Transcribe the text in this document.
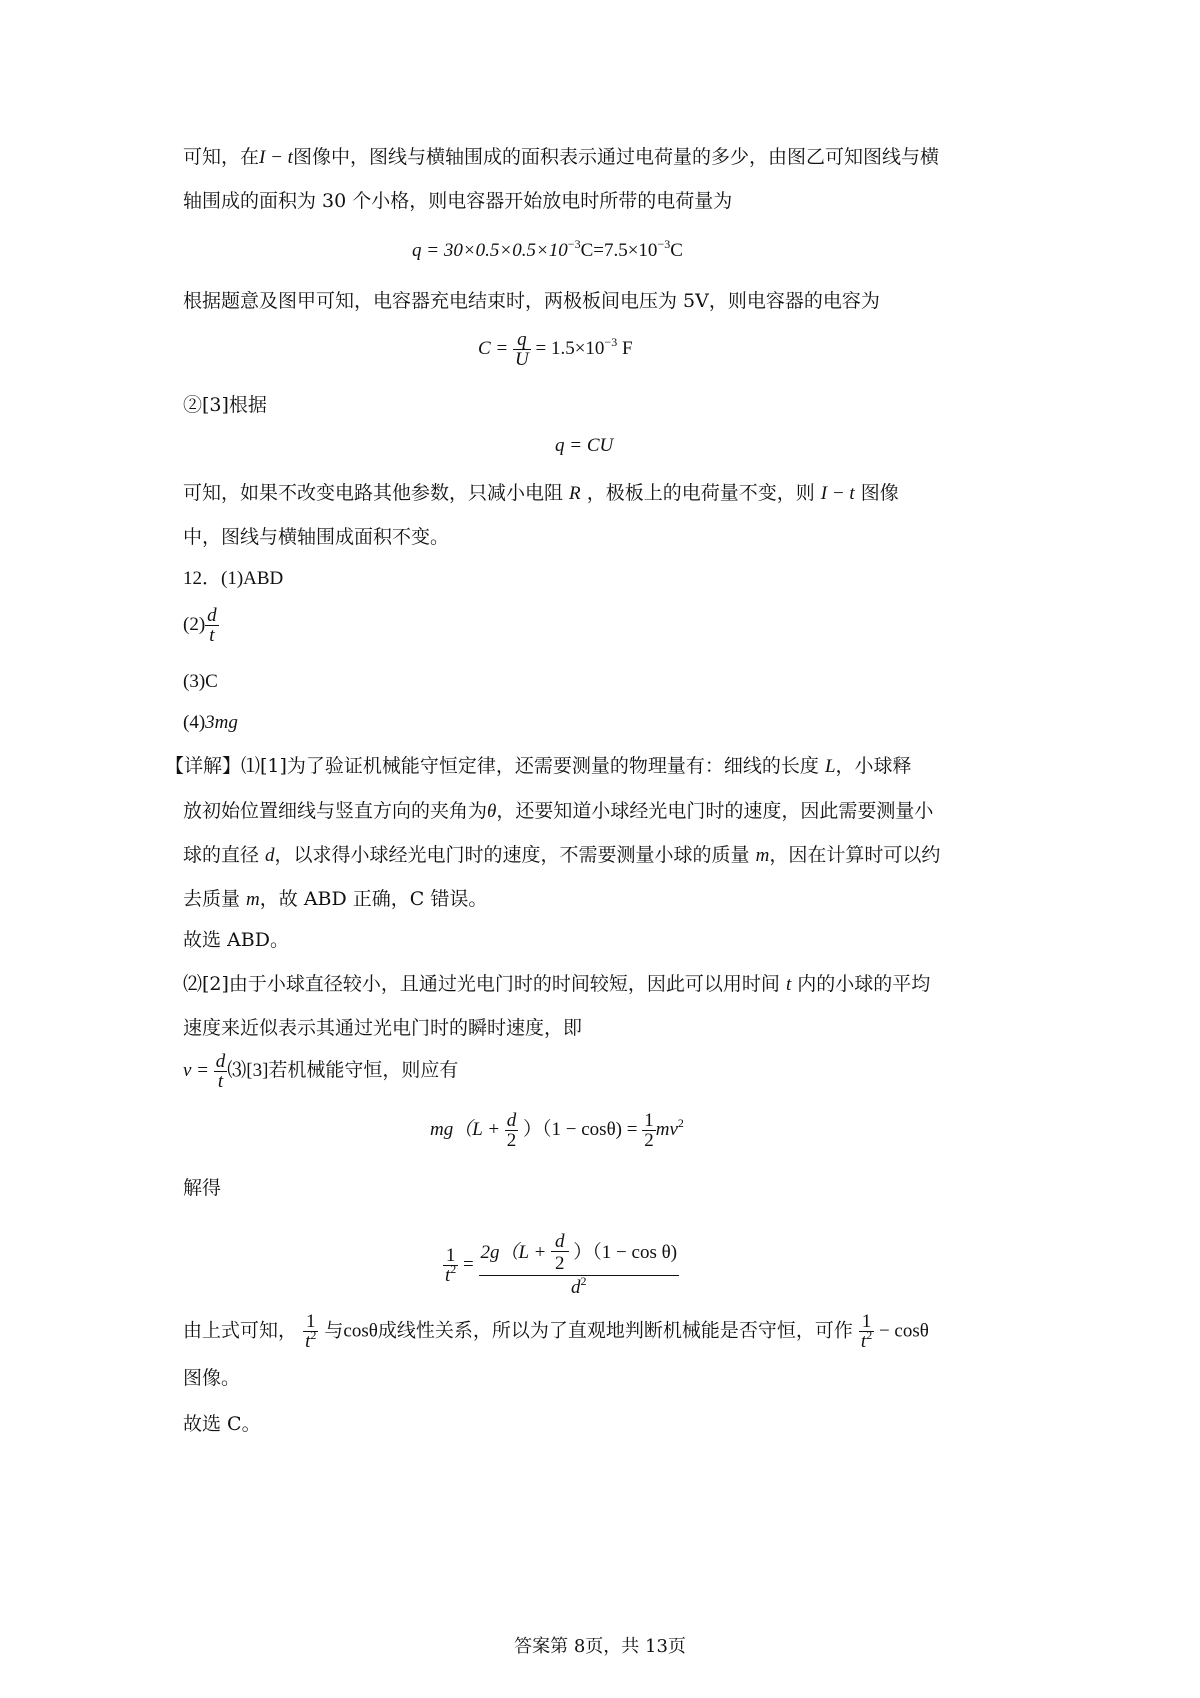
可知，在I − t图像中，图线与横轴围成的面积表示通过电荷量的多少，由图乙可知图线与横
轴围成的面积为 30 个小格，则电容器开始放电时所带的电荷量为
$q = 30\times 0.5\times 0.5\times 10^{-3}C=7.5\times 10^{-3}C$
根据题意及图甲可知，电容器充电结束时，两极板间电压为 5V，则电容器的电容为
$C = \frac{q}{U} = 1.5\times 10^{-3}$ F
②[3]根据
q = CU
可知，如果不改变电路其他参数，只减小电阻 R ，极板上的电荷量不变，则 I − t 图像
中，图线与横轴围成面积不变。
12．(1)ABD
$(2) \frac{d}{t}$
(3)C
(4)3mg
【详解】⑴[1]为了验证机械能守恒定律，还需要测量的物理量有：细线的长度 L，小球释
放初始位置细线与竖直方向的夹角为θ，还要知道小球经光电门时的速度，因此需要测量小
球的直径 d，以求得小球经光电门时的速度，不需要测量小球的质量 m，因在计算时可以约
去质量 m，故 ABD 正确，C 错误。
故选 ABD。
⑵[2]由于小球直径较小，且通过光电门时的时间较短，因此可以用时间 t 内的小球的平均
速度来近似表示其通过光电门时的瞬时速度，即
$v = \frac{d}{t}$ ⑶[3]若机械能守恒，则应有
$mg(L + \frac{d}{2} )(1 - \cos\theta) = \frac{1}{2} mv^2$
解得
$\frac{1}{t^2} = \frac{2g(L + \frac{d}{2} )(1 - \cos \theta)}{d^2}$
由上式可知， $\frac{1}{t^2}$ 与cosθ成线性关系，所以为了直观地判断机械能是否守恒，可作 $\frac{1}{t^2} - \cos\theta$
图像。
故选 C。
答案第 8页，共 13页
